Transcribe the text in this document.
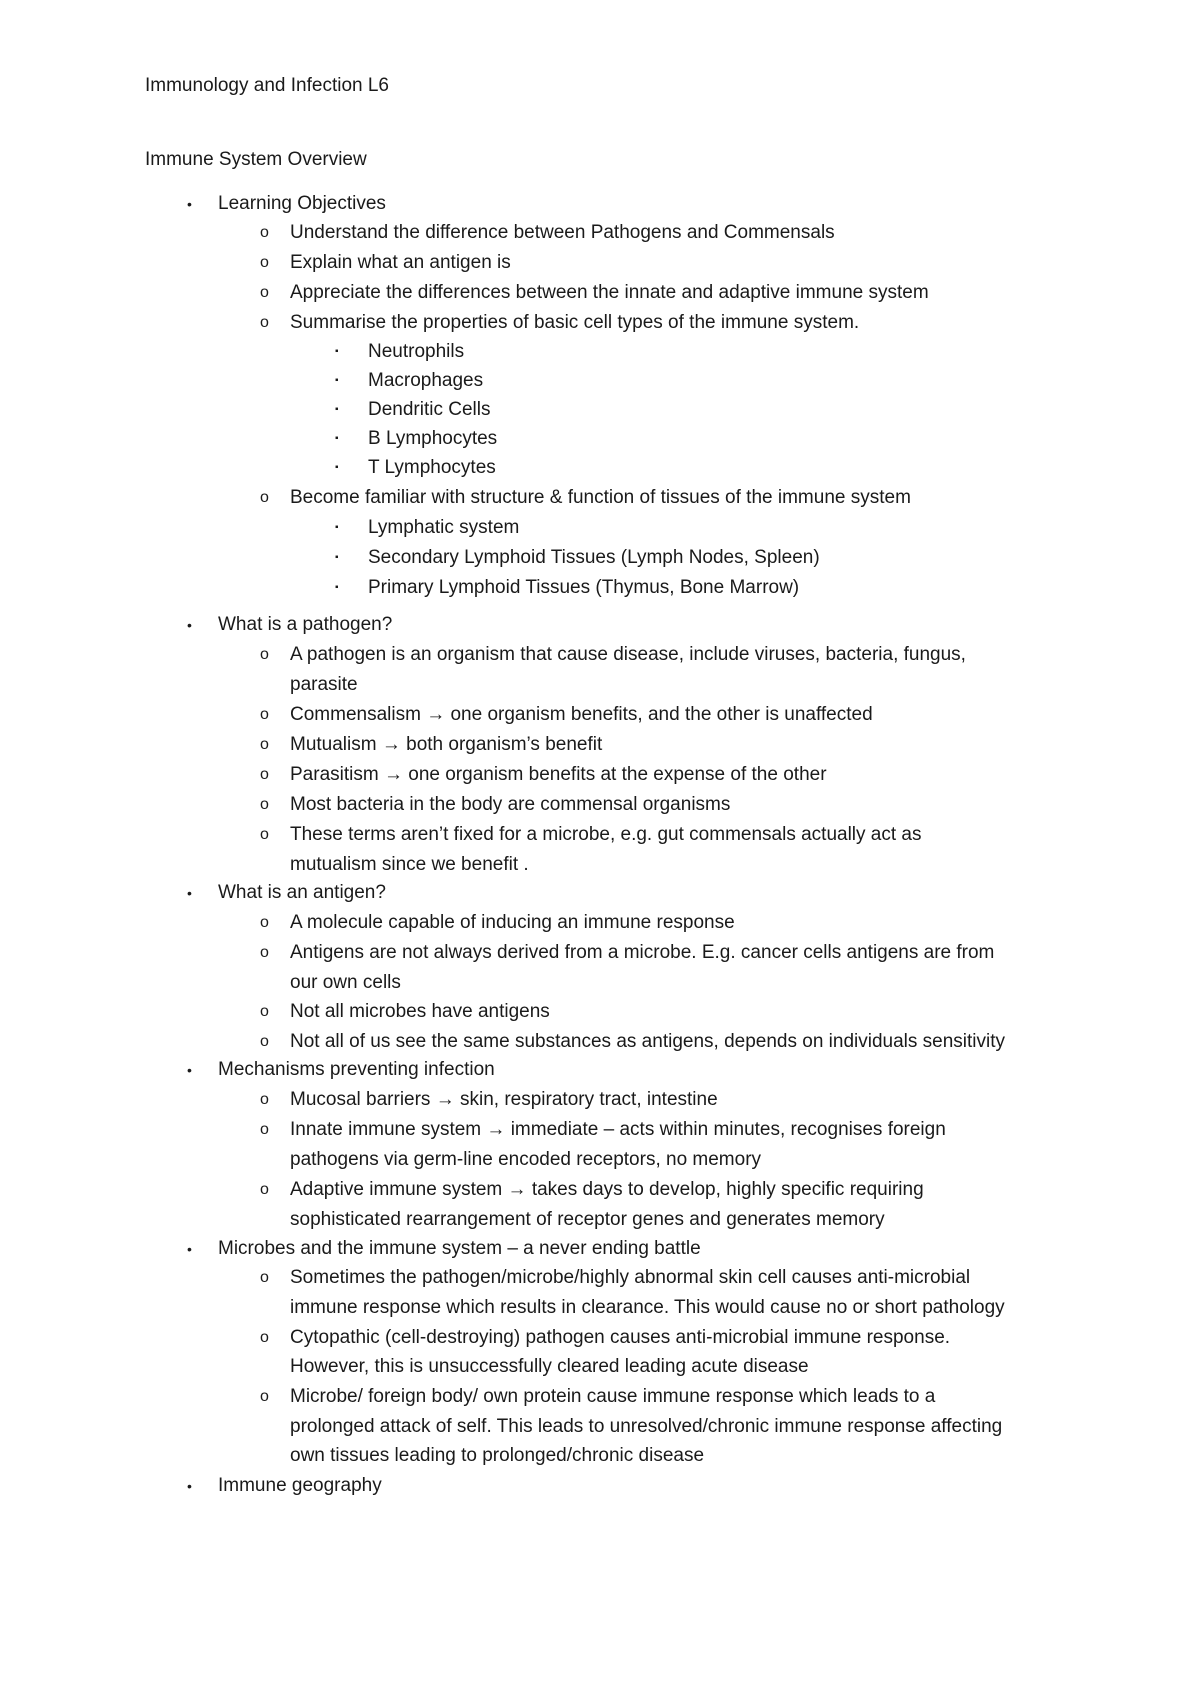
Immunology and Infection L6
Immune System Overview
• Learning Objectives
o Understand the difference between Pathogens and Commensals
o Explain what an antigen is
o Appreciate the differences between the innate and adaptive immune system
o Summarise the properties of basic cell types of the immune system.
▪ Neutrophils
▪ Macrophages
▪ Dendritic Cells
▪ B Lymphocytes
▪ T Lymphocytes
o Become familiar with structure & function of tissues of the immune system
▪ Lymphatic system
▪ Secondary Lymphoid Tissues (Lymph Nodes, Spleen)
▪ Primary Lymphoid Tissues (Thymus, Bone Marrow)
• What is a pathogen?
o A pathogen is an organism that cause disease, include viruses, bacteria, fungus,
parasite
o Commensalism → one organism benefits, and the other is unaffected
o Mutualism → both organism’s benefit
o Parasitism → one organism benefits at the expense of the other
o Most bacteria in the body are commensal organisms
o These terms aren’t fixed for a microbe, e.g. gut commensals actually act as
mutualism since we benefit .
• What is an antigen?
o A molecule capable of inducing an immune response
o Antigens are not always derived from a microbe. E.g. cancer cells antigens are from
our own cells
o Not all microbes have antigens
o Not all of us see the same substances as antigens, depends on individuals sensitivity
• Mechanisms preventing infection
o Mucosal barriers → skin, respiratory tract, intestine
o Innate immune system → immediate – acts within minutes, recognises foreign
pathogens via germ-line encoded receptors, no memory
o Adaptive immune system → takes days to develop, highly specific requiring
sophisticated rearrangement of receptor genes and generates memory
• Microbes and the immune system – a never ending battle
o Sometimes the pathogen/microbe/highly abnormal skin cell causes anti-microbial
immune response which results in clearance. This would cause no or short pathology
o Cytopathic (cell-destroying) pathogen causes anti-microbial immune response.
However, this is unsuccessfully cleared leading acute disease
o Microbe/ foreign body/ own protein cause immune response which leads to a
prolonged attack of self. This leads to unresolved/chronic immune response affecting
own tissues leading to prolonged/chronic disease
• Immune geography
